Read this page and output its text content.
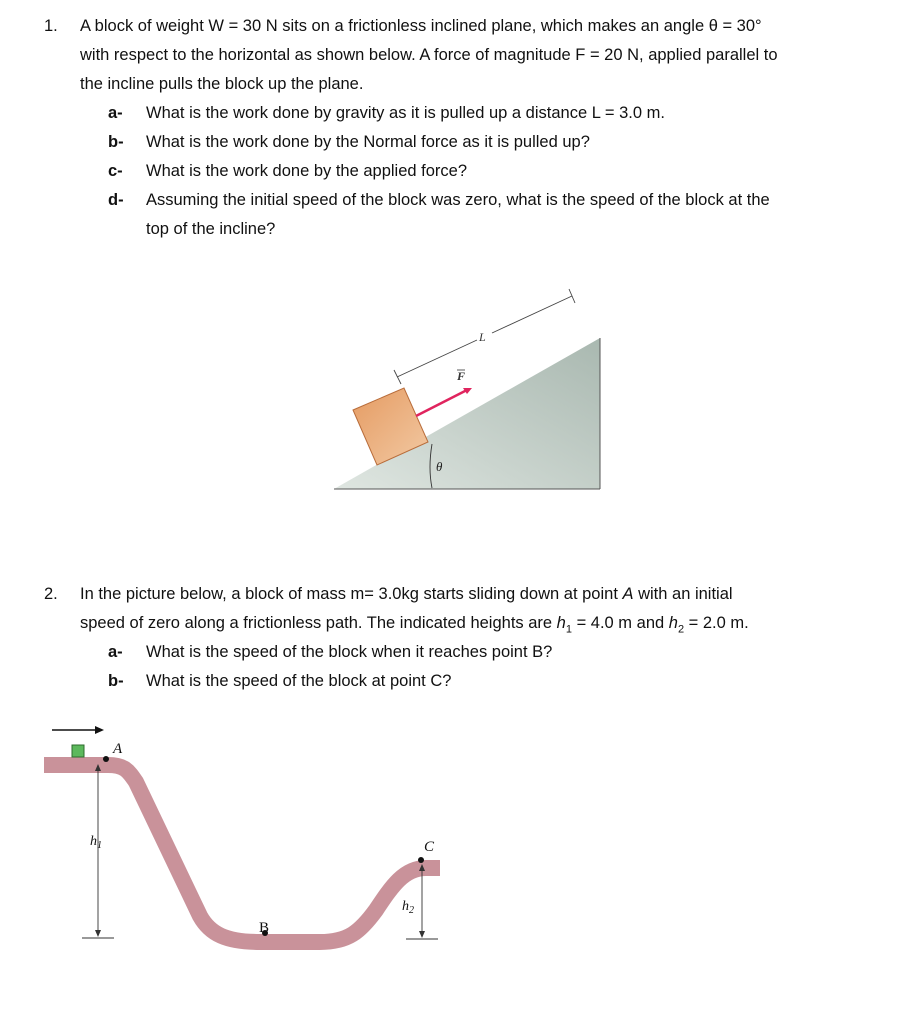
1. A block of weight W = 30 N sits on a frictionless inclined plane, which makes an angle θ = 30°
with respect to the horizontal as shown below. A force of magnitude F = 20 N, applied parallel to
the incline pulls the block up the plane.
a- What is the work done by gravity as it is pulled up a distance L = 3.0 m.
b- What is the work done by the Normal force as it is pulled up?
c- What is the work done by the applied force?
d- Assuming the initial speed of the block was zero, what is the speed of the block at the
top of the incline?
F
L
θ
2. In the picture below, a block of mass m= 3.0kg starts sliding down at point A with an initial
speed of zero along a frictionless path. The indicated heights are $h_1 = 4.0$ m and $h_2 = 2.0$ m.
a- What is the speed of the block when it reaches point B?
b- What is the speed of the block at point C?
A
B
C
$h_1$
$h_2$
